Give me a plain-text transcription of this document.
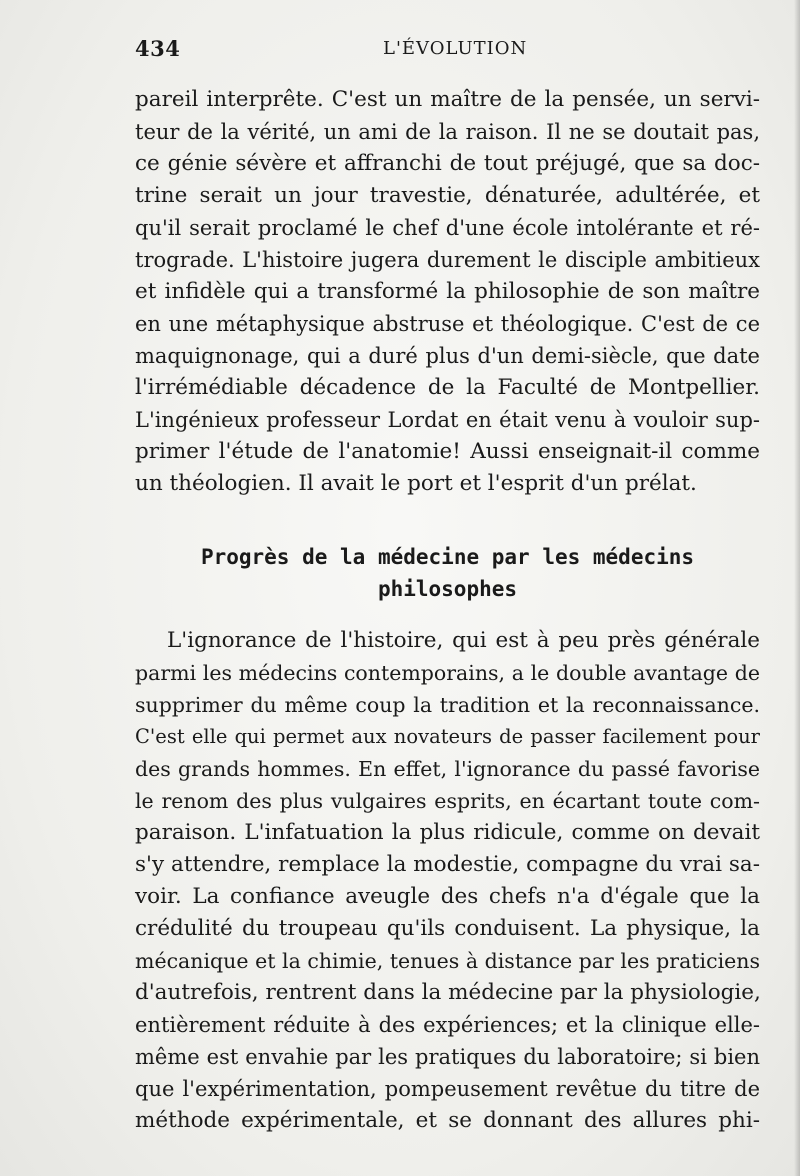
434	L'ÉVOLUTION
pareil interprête. C'est un maître de la pensée, un servi-
teur de la vérité, un ami de la raison. Il ne se doutait pas,
ce génie sévère et affranchi de tout préjugé, que sa doc-
trine serait un jour travestie, dénaturée, adultérée, et
qu'il serait proclamé le chef d'une école intolérante et ré-
trograde. L'histoire jugera durement le disciple ambitieux
et infidèle qui a transformé la philosophie de son maître
en une métaphysique abstruse et théologique. C'est de ce
maquignonage, qui a duré plus d'un demi-siècle, que date
l'irrémédiable décadence de la Faculté de Montpellier.
L'ingénieux professeur Lordat en était venu à vouloir sup-
primer l'étude de l'anatomie! Aussi enseignait-il comme
un théologien. Il avait le port et l'esprit d'un prélat.
Progrès de la médecine par les médecins
philosophes
L'ignorance de l'histoire, qui est à peu près générale
parmi les médecins contemporains, a le double avantage de
supprimer du même coup la tradition et la reconnaissance.
C'est elle qui permet aux novateurs de passer facilement pour
des grands hommes. En effet, l'ignorance du passé favorise
le renom des plus vulgaires esprits, en écartant toute com-
paraison. L'infatuation la plus ridicule, comme on devait
s'y attendre, remplace la modestie, compagne du vrai sa-
voir. La confiance aveugle des chefs n'a d'égale que la
crédulité du troupeau qu'ils conduisent. La physique, la
mécanique et la chimie, tenues à distance par les praticiens
d'autrefois, rentrent dans la médecine par la physiologie,
entièrement réduite à des expériences; et la clinique elle-
même est envahie par les pratiques du laboratoire; si bien
que l'expérimentation, pompeusement revêtue du titre de
méthode expérimentale, et se donnant des allures phi-
